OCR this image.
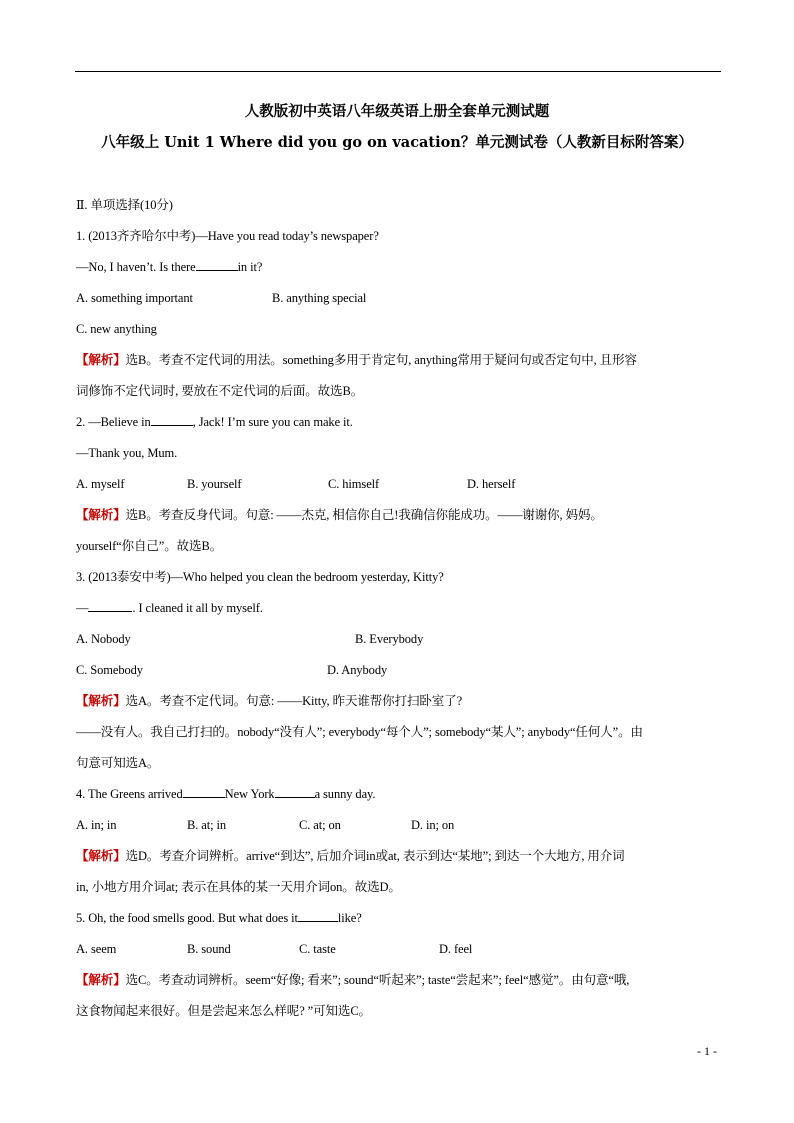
人教版初中英语八年级英语上册全套单元测试题
八年级上 Unit 1 Where did you go on vacation？单元测试卷（人教新目标附答案）
Ⅱ. 单项选择(10分)
1. (2013齐齐哈尔中考)—Have you read today’s newspaper?
—No, I haven’t. Is there	in it?
A. something important	B. anything special
C. new anything
【解析】选B。考查不定代词的用法。something多用于肯定句, anything常用于疑问句或否定句中, 且形容
词修饰不定代词时, 要放在不定代词的后面。故选B。
2. —Believe in	, Jack! I’m sure you can make it.
—Thank you, Mum.
A. myself	B. yourself	C. himself	D. herself
【解析】选B。考查反身代词。句意: ——杰克, 相信你自己!我确信你能成功。——谢谢你, 妈妈。
yourself“你自己”。故选B。
3. (2013泰安中考)—Who helped you clean the bedroom yesterday, Kitty?
—	. I cleaned it all by myself.
A. Nobody	B. Everybody
C. Somebody	D. Anybody
【解析】选A。考查不定代词。句意: ——Kitty, 昨天谁帮你打扫卧室了?
——没有人。我自己打扫的。nobody“没有人”; everybody“每个人”; somebody“某人”; anybody“任何人”。由
句意可知选A。
4. The Greens arrived	New York	a sunny day.
A. in; in	B. at; in	C. at; on	D. in; on
【解析】选D。考查介词辨析。arrive“到达”, 后加介词in或at, 表示到达“某地”; 到达一个大地方, 用介词
in, 小地方用介词at; 表示在具体的某一天用介词on。故选D。
5. Oh, the food smells good. But what does it	like?
A. seem	B. sound	C. taste	D. feel
【解析】选C。考查动词辨析。seem“好像; 看来”; sound“听起来”; taste“尝起来”; feel“感觉”。由句意“哦,
这食物闻起来很好。但是尝起来怎么样呢? ”可知选C。
- 1 -
